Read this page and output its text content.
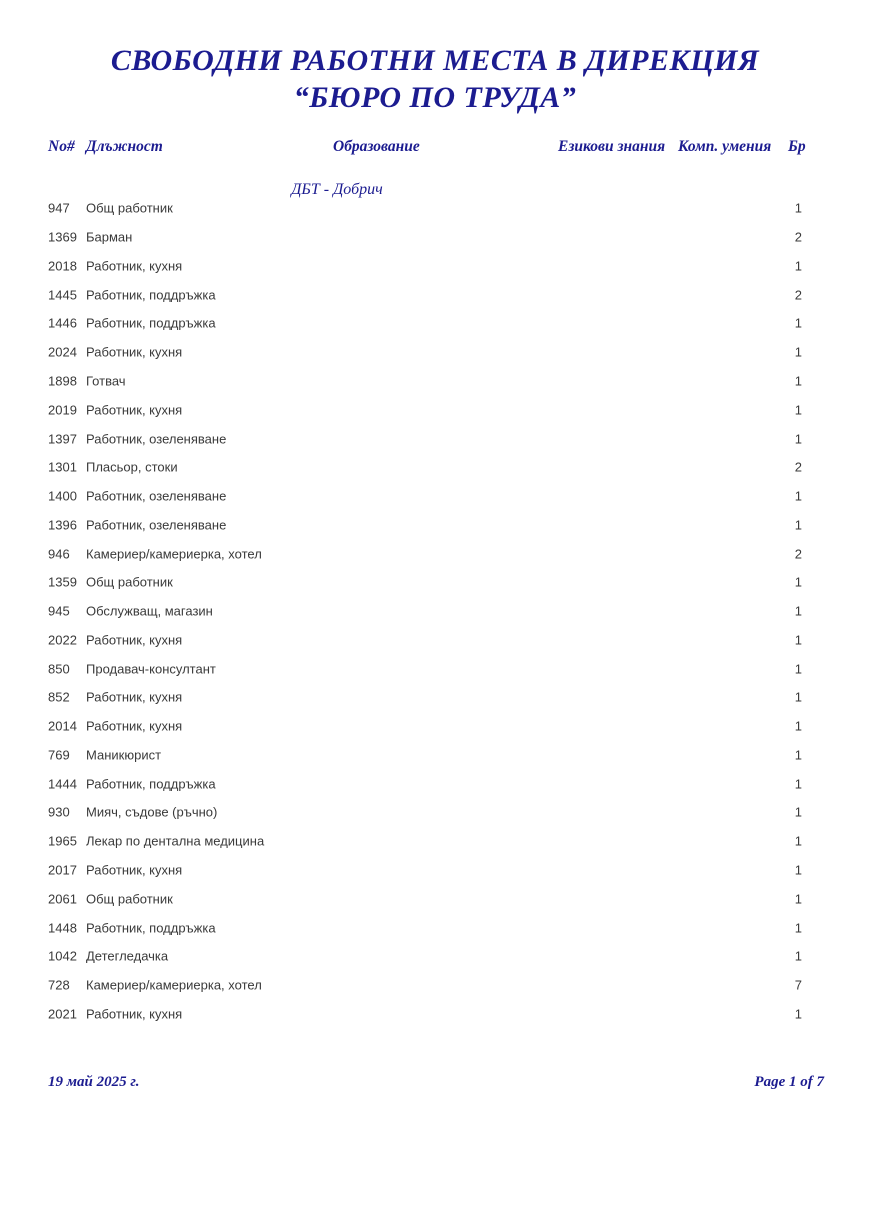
СВОБОДНИ РАБОТНИ МЕСТА В ДИРЕКЦИЯ
“БЮРО ПО ТРУДА”
No# Длъжност	Образование	Езикови знания Комп. умения Бр
ДБТ - Добрич
947 Общ работник	1
1369 Барман	2
2018 Работник, кухня	1
1445 Работник, поддръжка	2
1446 Работник, поддръжка	1
2024 Работник, кухня	1
1898 Готвач	1
2019 Работник, кухня	1
1397 Работник, озеленяване	1
1301 Пласьор, стоки	2
1400 Работник, озеленяване	1
1396 Работник, озеленяване	1
946 Камериер/камериерка, хотел	2
1359 Общ работник	1
945 Обслужващ, магазин	1
2022 Работник, кухня	1
850 Продавач-консултант	1
852 Работник, кухня	1
2014 Работник, кухня	1
769 Маникюрист	1
1444 Работник, поддръжка	1
930 Мияч, съдове (ръчно)	1
1965 Лекар по дентална медицина	1
2017 Работник, кухня	1
2061 Общ работник	1
1448 Работник, поддръжка	1
1042 Детегледачка	1
728 Камериер/камериерка, хотел	7
2021 Работник, кухня	1
19 май 2025 г.	Page 1 of 7
